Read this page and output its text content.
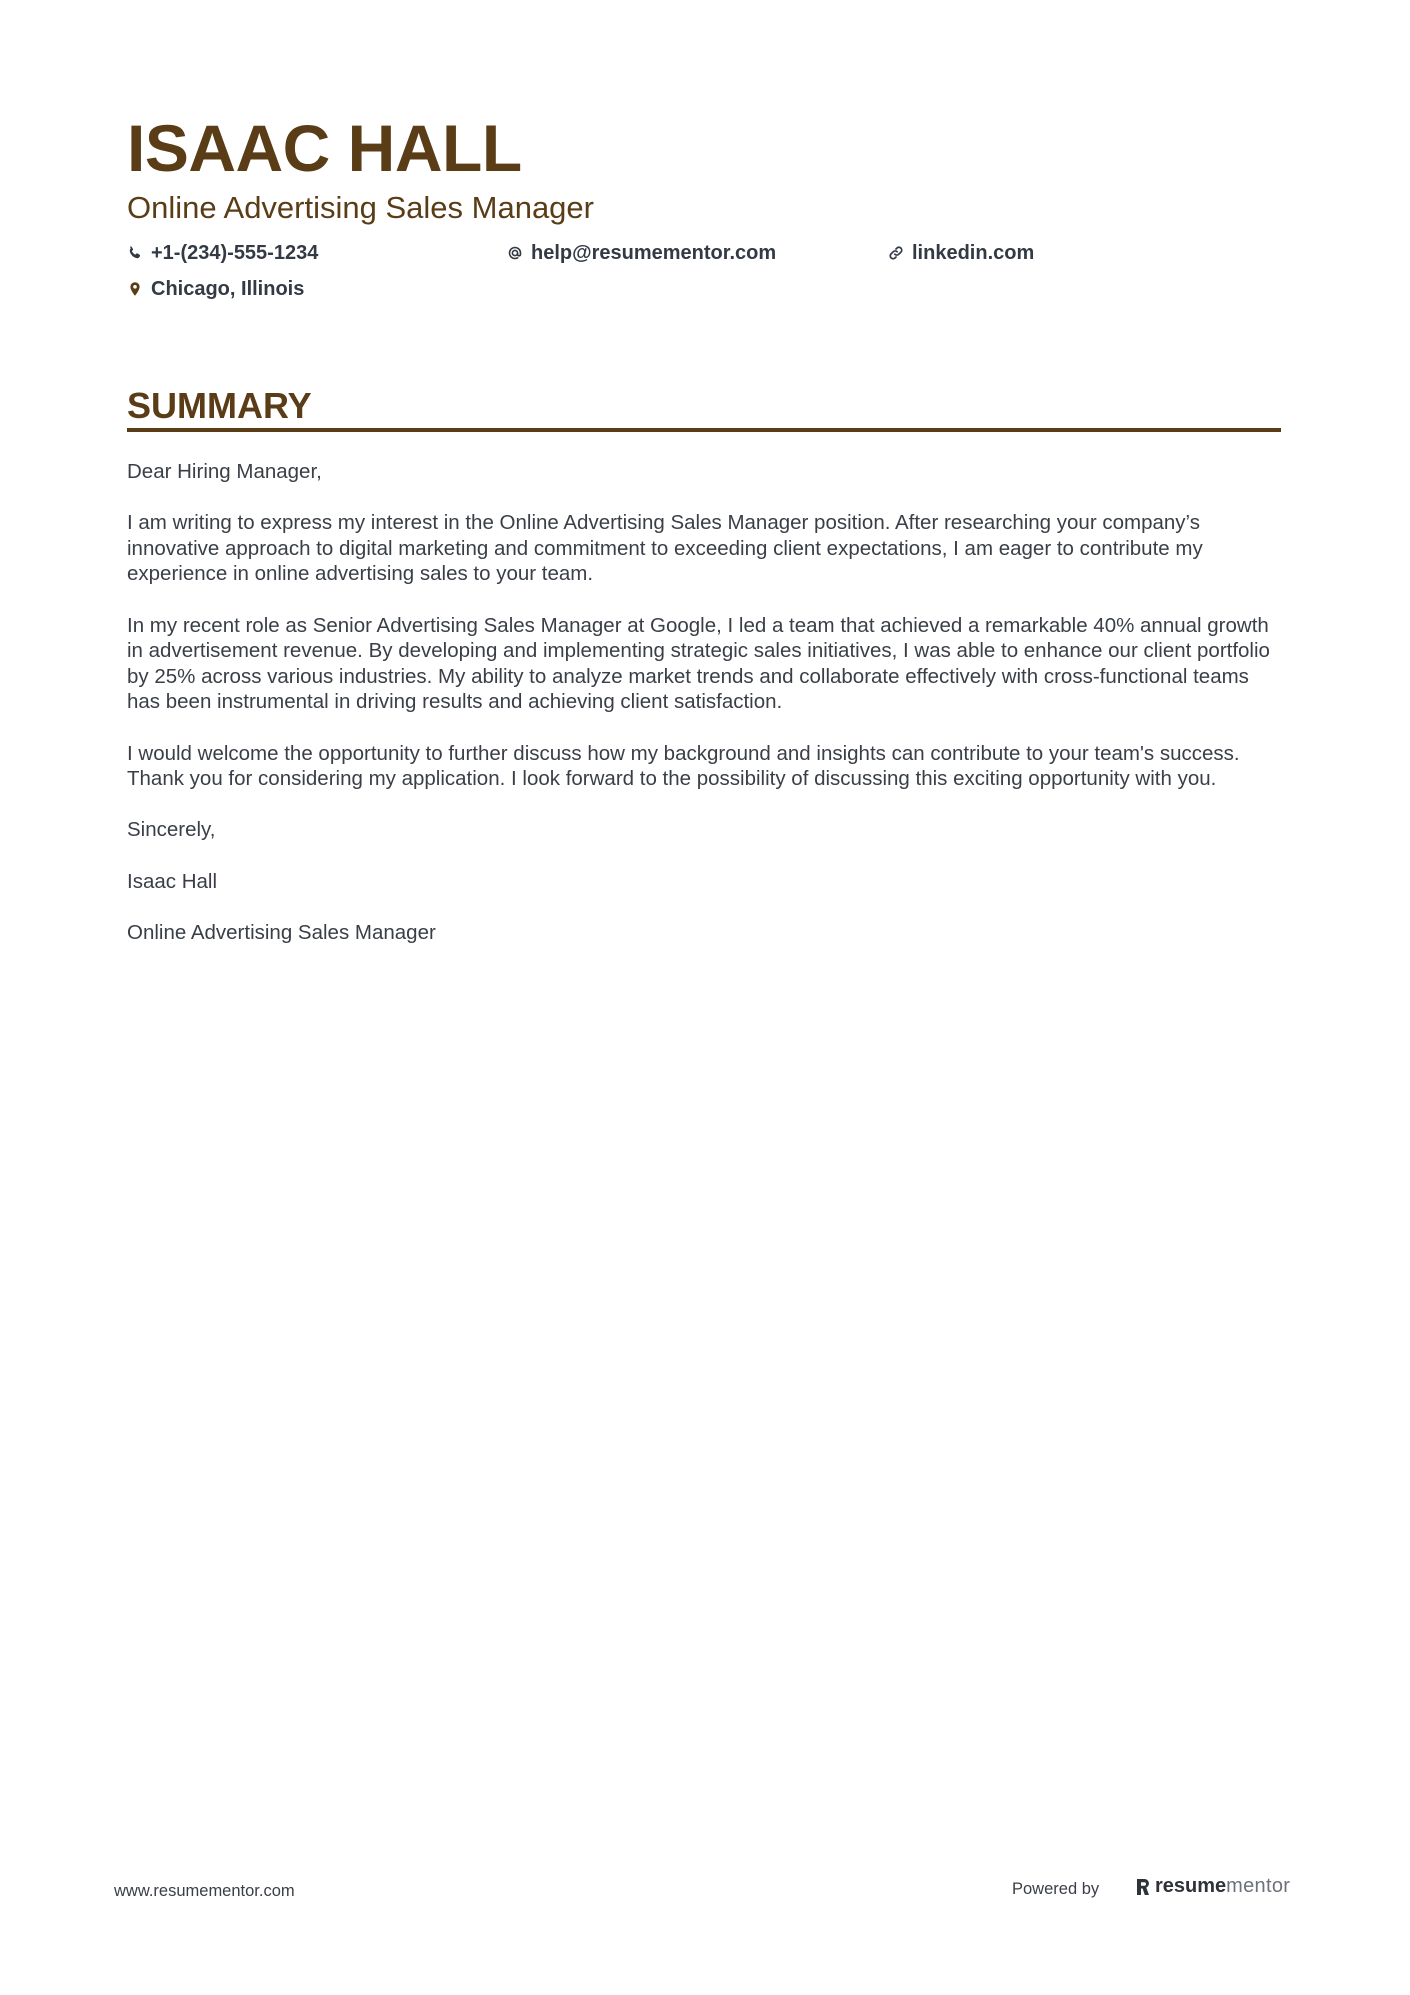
ISAAC HALL
Online Advertising Sales Manager
+1-(234)-555-1234	help@resumementor.com	linkedin.com
Chicago, Illinois
SUMMARY

Dear Hiring Manager,

I am writing to express my interest in the Online Advertising Sales Manager position. After researching your company’s innovative approach to digital marketing and commitment to exceeding client expectations, I am eager to contribute my experience in online advertising sales to your team.

In my recent role as Senior Advertising Sales Manager at Google, I led a team that achieved a remarkable 40% annual growth in advertisement revenue. By developing and implementing strategic sales initiatives, I was able to enhance our client portfolio by 25% across various industries. My ability to analyze market trends and collaborate effectively with cross-functional teams has been instrumental in driving results and achieving client satisfaction.

I would welcome the opportunity to further discuss how my background and insights can contribute to your team's success. Thank you for considering my application. I look forward to the possibility of discussing this exciting opportunity with you.

Sincerely,

Isaac Hall

Online Advertising Sales Manager

www.resumementor.com	Powered by	resume mentor
